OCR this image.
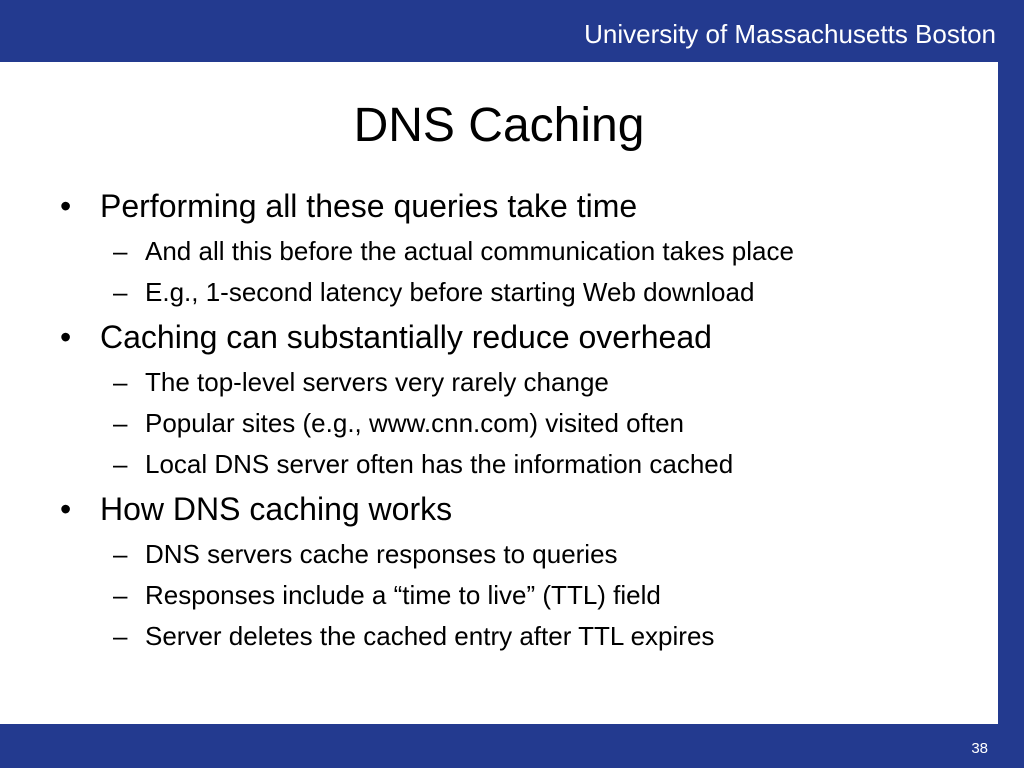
University of Massachusetts Boston
DNS Caching
• Performing all these queries take time
– And all this before the actual communication takes place
– E.g., 1-second latency before starting Web download
• Caching can substantially reduce overhead
– The top-level servers very rarely change
– Popular sites (e.g., www.cnn.com) visited often
– Local DNS server often has the information cached
• How DNS caching works
– DNS servers cache responses to queries
– Responses include a “time to live” (TTL) field
– Server deletes the cached entry after TTL expires
38
